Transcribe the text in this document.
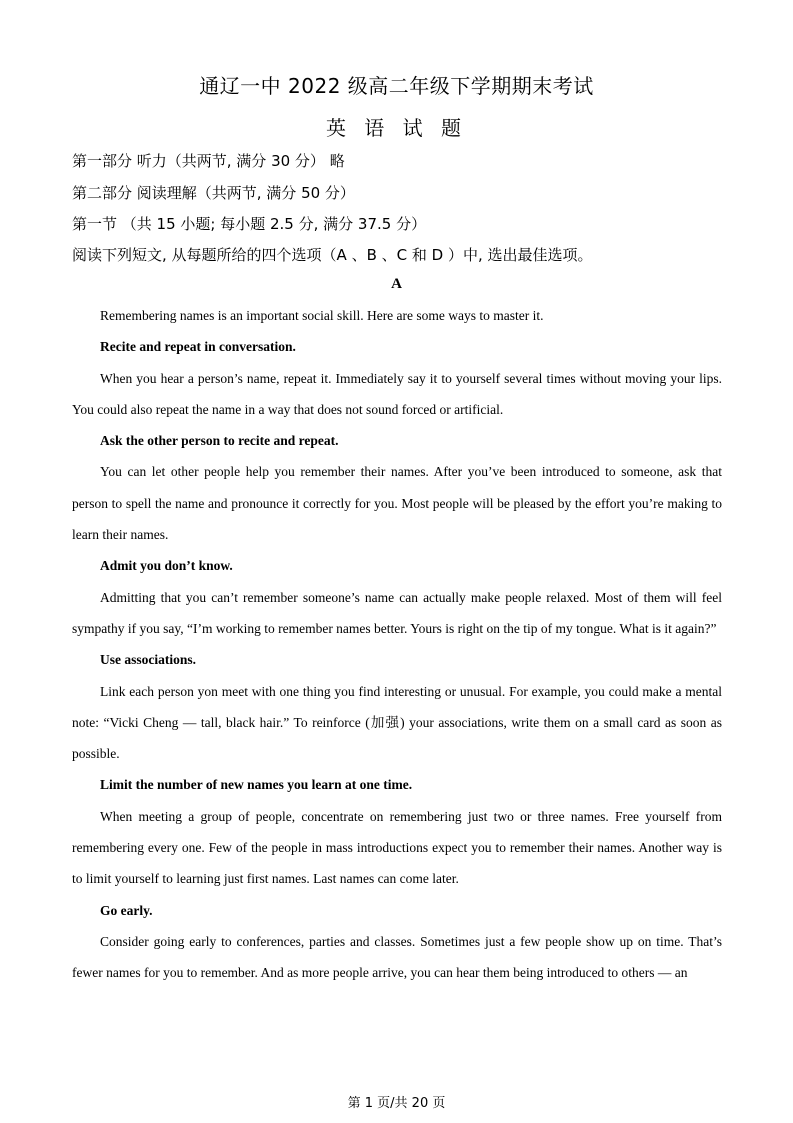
通辽一中 2022 级高二年级下学期期末考试
英 语 试 题
第一部分 听力（共两节, 满分 30 分） 略
第二部分 阅读理解（共两节, 满分 50 分）
第一节 （共 15 小题; 每小题 2.5 分, 满分 37.5 分）
阅读下列短文, 从每题所给的四个选项（A 、B 、C 和 D ）中, 选出最佳选项。
A

Remembering names is an important social skill. Here are some ways to master it.

Recite and repeat in conversation.

When you hear a person’s name, repeat it. Immediately say it to yourself several times without moving your lips. You could also repeat the name in a way that does not sound forced or artificial.

Ask the other person to recite and repeat.

You can let other people help you remember their names. After you’ve been introduced to someone, ask that person to spell the name and pronounce it correctly for you. Most people will be pleased by the effort you’re making to learn their names.

Admit you don’t know.

Admitting that you can’t remember someone’s name can actually make people relaxed. Most of them will feel sympathy if you say, “I’m working to remember names better. Yours is right on the tip of my tongue. What is it again?”

Use associations.

Link each person yon meet with one thing you find interesting or unusual. For example, you could make a mental note: “Vicki Cheng — tall, black hair.” To reinforce (加强) your associations, write them on a small card as soon as possible.

Limit the number of new names you learn at one time.

When meeting a group of people, concentrate on remembering just two or three names. Free yourself from remembering every one. Few of the people in mass introductions expect you to remember their names. Another way is to limit yourself to learning just first names. Last names can come later.

Go early.

Consider going early to conferences, parties and classes. Sometimes just a few people show up on time. That’s fewer names for you to remember. And as more people arrive, you can hear them being introduced to others — an

第 1 页/共 20 页
